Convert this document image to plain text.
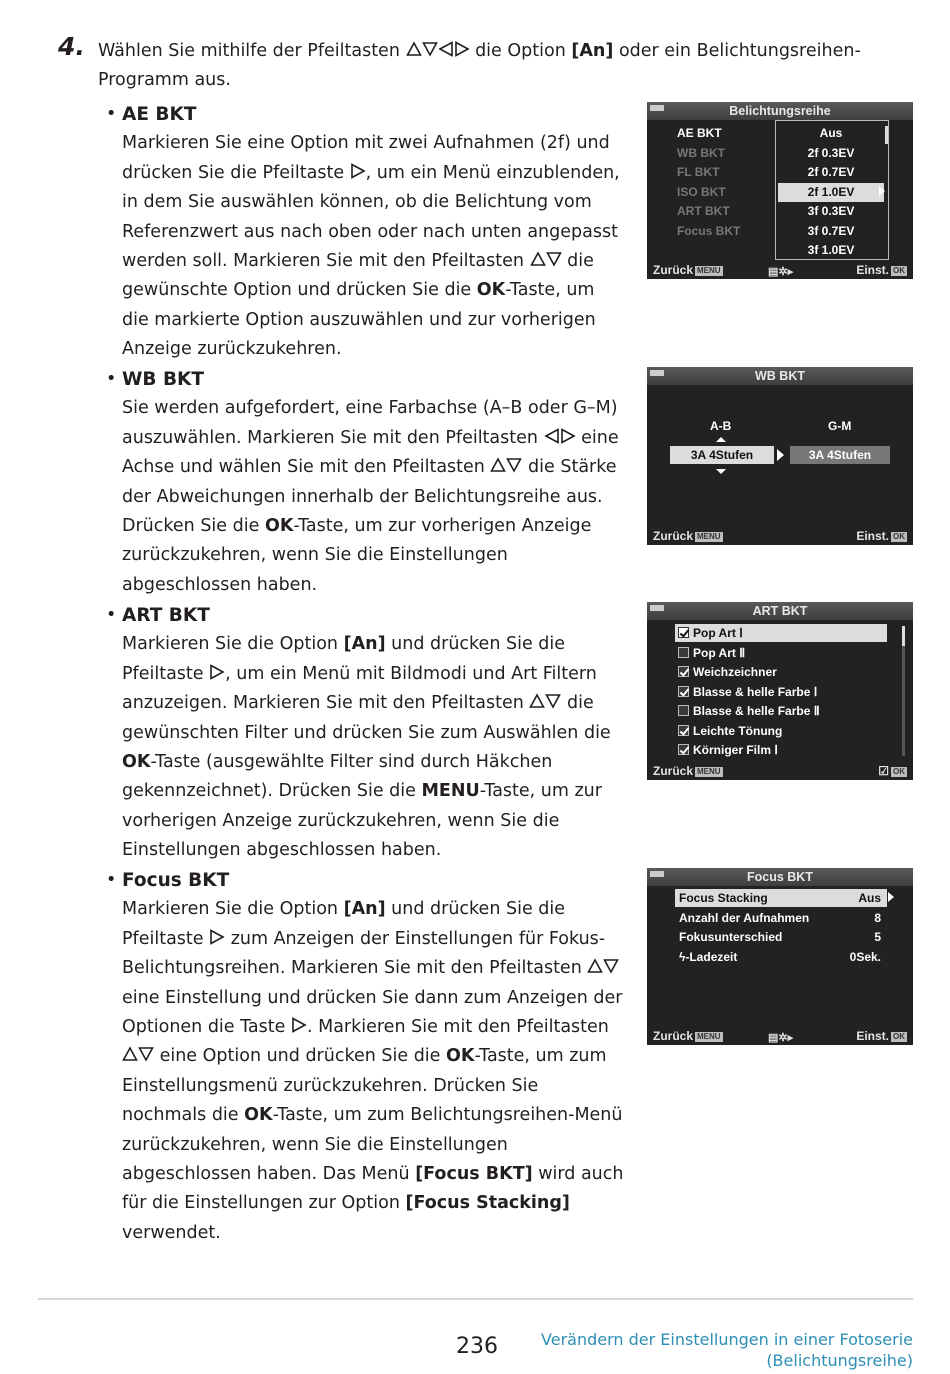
4. Wählen Sie mithilfe der Pfeiltasten	die Option [An] oder ein Belichtungsreihen-Programm aus.
• AE BKT
Markieren Sie eine Option mit zwei Aufnahmen (2f) und drücken Sie die Pfeiltaste , um ein Menü einzublenden, in dem Sie auswählen können, ob die Belichtung vom Referenzwert aus nach oben oder nach unten angepasst werden soll. Markieren Sie mit den Pfeiltasten die gewünschte Option und drücken Sie die OK-Taste, um die markierte Option auszuwählen und zur vorherigen Anzeige zurückzukehren.
• WB BKT
Sie werden aufgefordert, eine Farbachse (A–B oder G–M) auszuwählen. Markieren Sie mit den Pfeiltasten eine Achse und wählen Sie mit den Pfeiltasten die Stärke der Abweichungen innerhalb der Belichtungsreihe aus. Drücken Sie die OK-Taste, um zur vorherigen Anzeige zurückzukehren, wenn Sie die Einstellungen abgeschlossen haben.
• ART BKT
Markieren Sie die Option [An] und drücken Sie die Pfeiltaste , um ein Menü mit Bildmodi und Art Filtern anzuzeigen. Markieren Sie mit den Pfeiltasten die gewünschten Filter und drücken Sie zum Auswählen die OK-Taste (ausgewählte Filter sind durch Häkchen gekennzeichnet). Drücken Sie die MENU-Taste, um zur vorherigen Anzeige zurückzukehren, wenn Sie die Einstellungen abgeschlossen haben.
• Focus BKT
Markieren Sie die Option [An] und drücken Sie die Pfeiltaste zum Anzeigen der Einstellungen für Fokus-Belichtungsreihen. Markieren Sie mit den Pfeiltasten
eine Einstellung und drücken Sie dann zum Anzeigen der Optionen die Taste . Markieren Sie mit den Pfeiltasten
eine Option und drücken Sie die OK-Taste, um zum Einstellungsmenü zurückzukehren. Drücken Sie nochmals die OK-Taste, um zum Belichtungsreihen-Menü zurückzukehren, wenn Sie die Einstellungen abgeschlossen haben. Das Menü [Focus BKT] wird auch für die Einstellungen zur Option [Focus Stacking] verwendet.
Belichtungsreihe
AE BKT
WB BKT
FL BKT
ISO BKT
ART BKT
Focus BKT
Aus
2f 0.3EV
2f 0.7EV
2f 1.0EV
3f 0.3EV
3f 0.7EV
3f 1.0EV
Zurück MENU	▤✲▸	Einst. OK
WB BKT
A-B	G-M
3A 4Stufen	3A 4Stufen
Zurück MENU	Einst. OK
ART BKT
Pop Art Ⅰ
Pop Art Ⅱ
Weichzeichner
Blasse & helle Farbe Ⅰ
Blasse & helle Farbe Ⅱ
Leichte Tönung
Körniger Film Ⅰ
Zurück MENU	☑ OK
Focus BKT
Focus Stacking	Aus
Anzahl der Aufnahmen	8
Fokusunterschied	5
ϟ-Ladezeit	0Sek.
Zurück MENU	▤✲▸	Einst. OK
236	Verändern der Einstellungen in einer Fotoserie
(Belichtungsreihe)
